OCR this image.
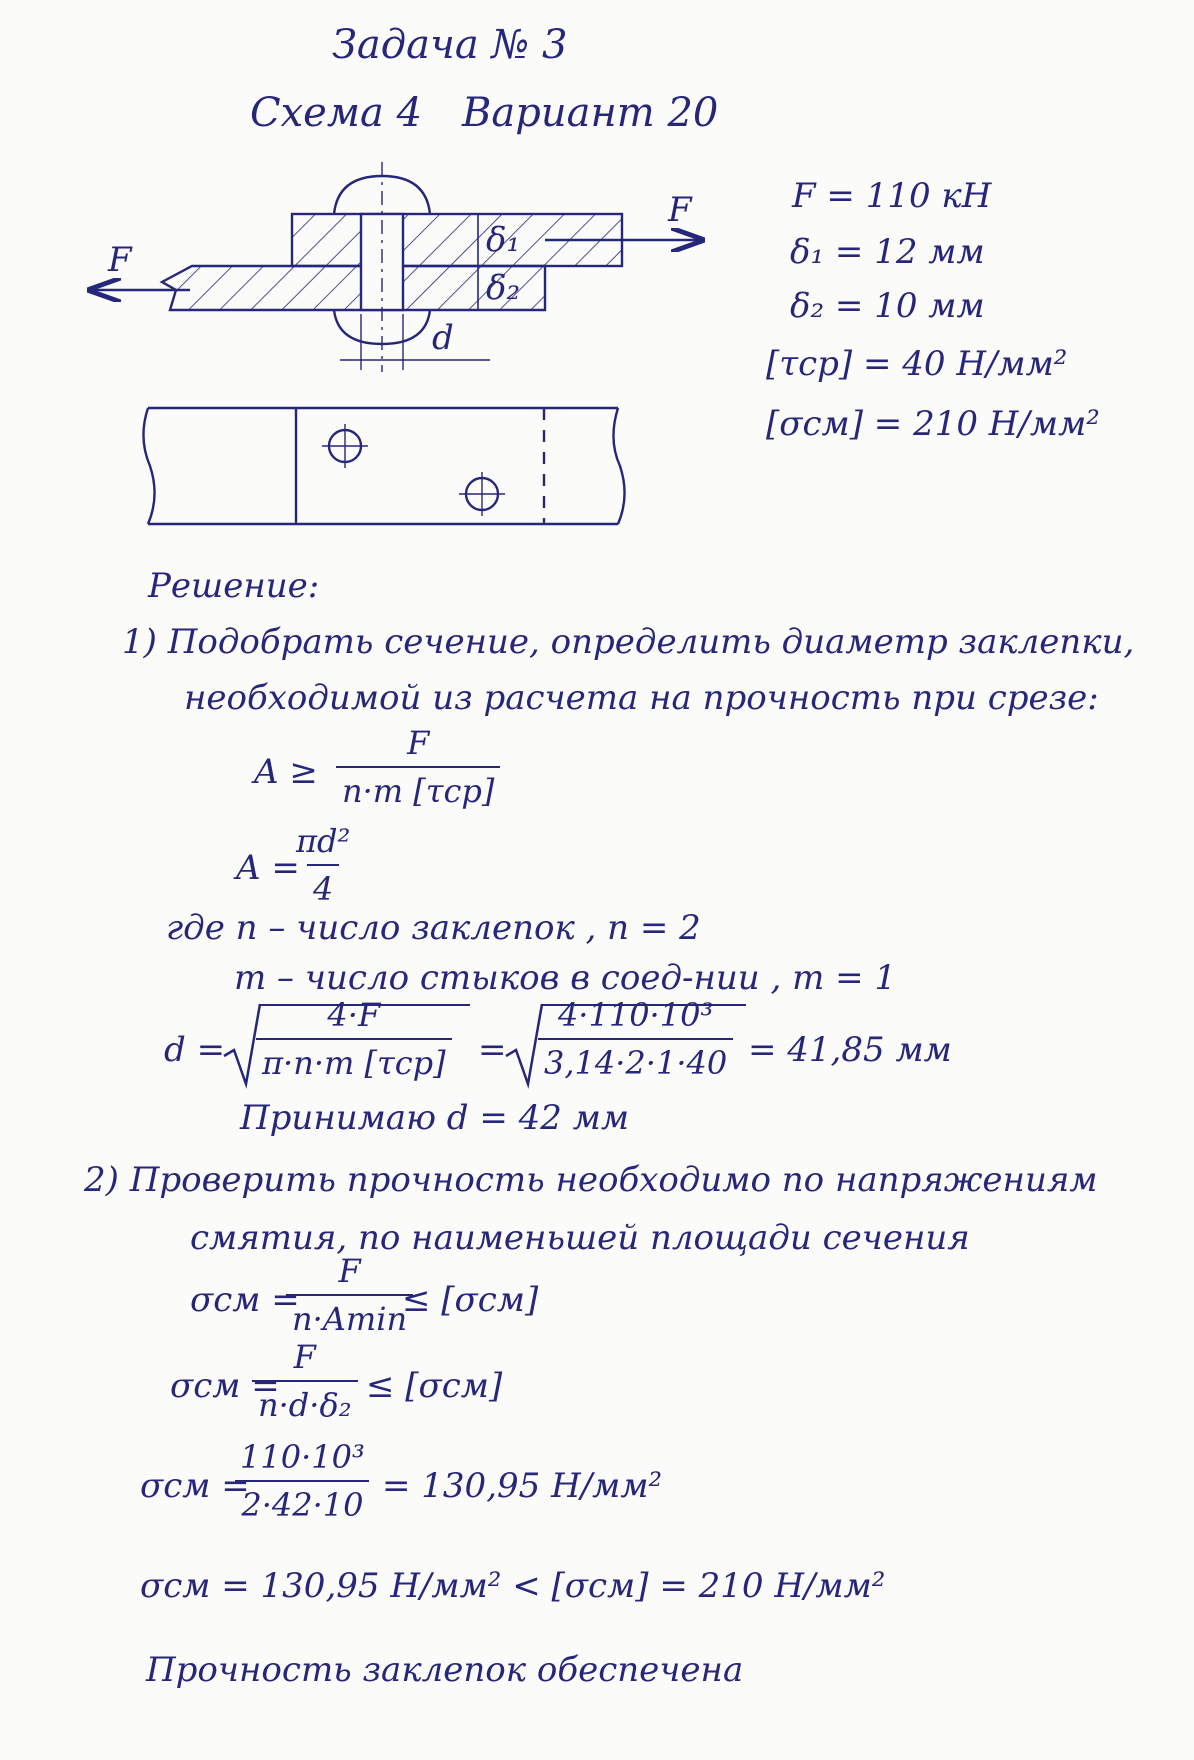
Задача № 3
Схема 4 Вариант 20
F
F	δ₁
δ₂
d
F = 110 кН
δ₁ = 12 мм
δ₂ = 10 мм
[τср] = 40 Н/мм²
[σсм] = 210 Н/мм²
Решение:
1) Подобрать сечение, определить диаметр заклепки,
необходимой из расчета на прочность при срезе:
A ≥
F
n·m [τср]
A =
$\frac{\text{πd²}}{4}$
где n – число заклепок , n = 2
m – число стыков в соед-нии , m = 1
d =
4·F
π·n·m $[\tau ср] = \frac{\text{4·110·10³}}{3,14\cdot 2\cdot 1\cdot 40} = 41,85$ мм
Принимаю d = 42 мм
2) Проверить прочность необходимо по напряжениям
смятия, по наименьшей площади сечения
σсм =
F
n·Amin
≤ [σсм]
σсм =
$\frac{F}{\text{n·d·δ₂}} \le [\sigma см]$
σсм =
$\frac{\text{110·10³}}{2\cdot 42\cdot 10} = 130,95$ Н/мм²
σсм = 130,95 Н/мм² < [σсм] = 210 Н/мм²
Прочность заклепок обеспечена
